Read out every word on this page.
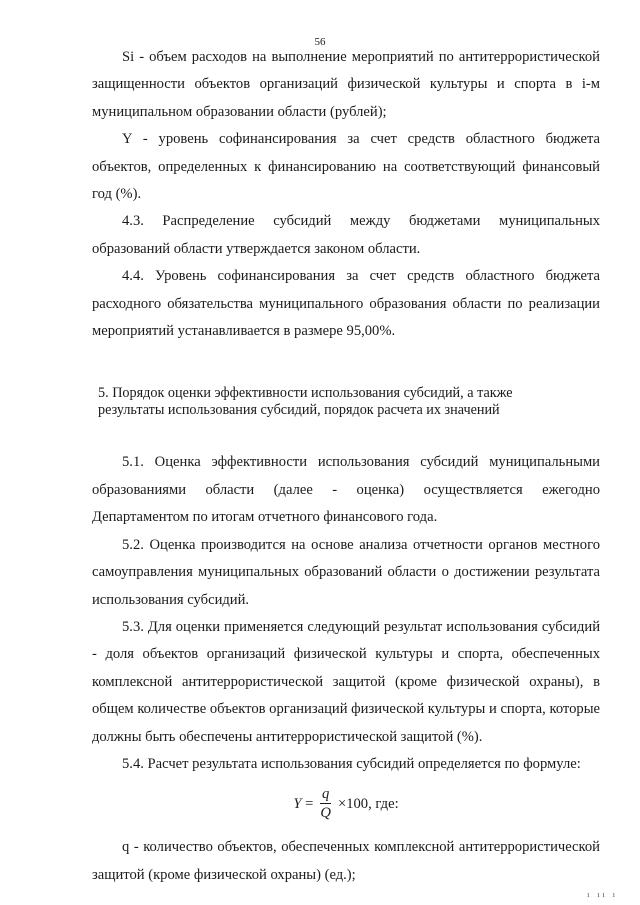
56

Si - объем расходов на выполнение мероприятий по антитеррористической защищенности объектов организаций физической культуры и спорта в i-м муниципальном образовании области (рублей);

Y - уровень софинансирования за счет средств областного бюджета объектов, определенных к финансированию на соответствующий финансовый год (%).

4.3. Распределение субсидий между бюджетами муниципальных образований области утверждается законом области.

4.4. Уровень софинансирования за счет средств областного бюджета расходного обязательства муниципального образования области по реализации мероприятий устанавливается в размере 95,00%.

5. Порядок оценки эффективности использования субсидий, а также
результаты использования субсидий, порядок расчета их значений

5.1. Оценка эффективности использования субсидий муниципальными образованиями области (далее - оценка) осуществляется ежегодно Департаментом по итогам отчетного финансового года.

5.2. Оценка производится на основе анализа отчетности органов местного самоуправления муниципальных образований области о достижении результата использования субсидий.

5.3. Для оценки применяется следующий результат использования субсидий - доля объектов организаций физической культуры и спорта, обеспеченных комплексной антитеррористической защитой (кроме физической охраны), в общем количестве объектов организаций физической культуры и спорта, которые должны быть обеспечены антитеррористической защитой (%).

5.4. Расчет результата использования субсидий определяется по формуле:

$Y = \frac{q}{Q} \times 100$, где:

q - количество объектов, обеспеченных комплексной антитеррористической защитой (кроме физической охраны) (ед.);

ı ıı ı
